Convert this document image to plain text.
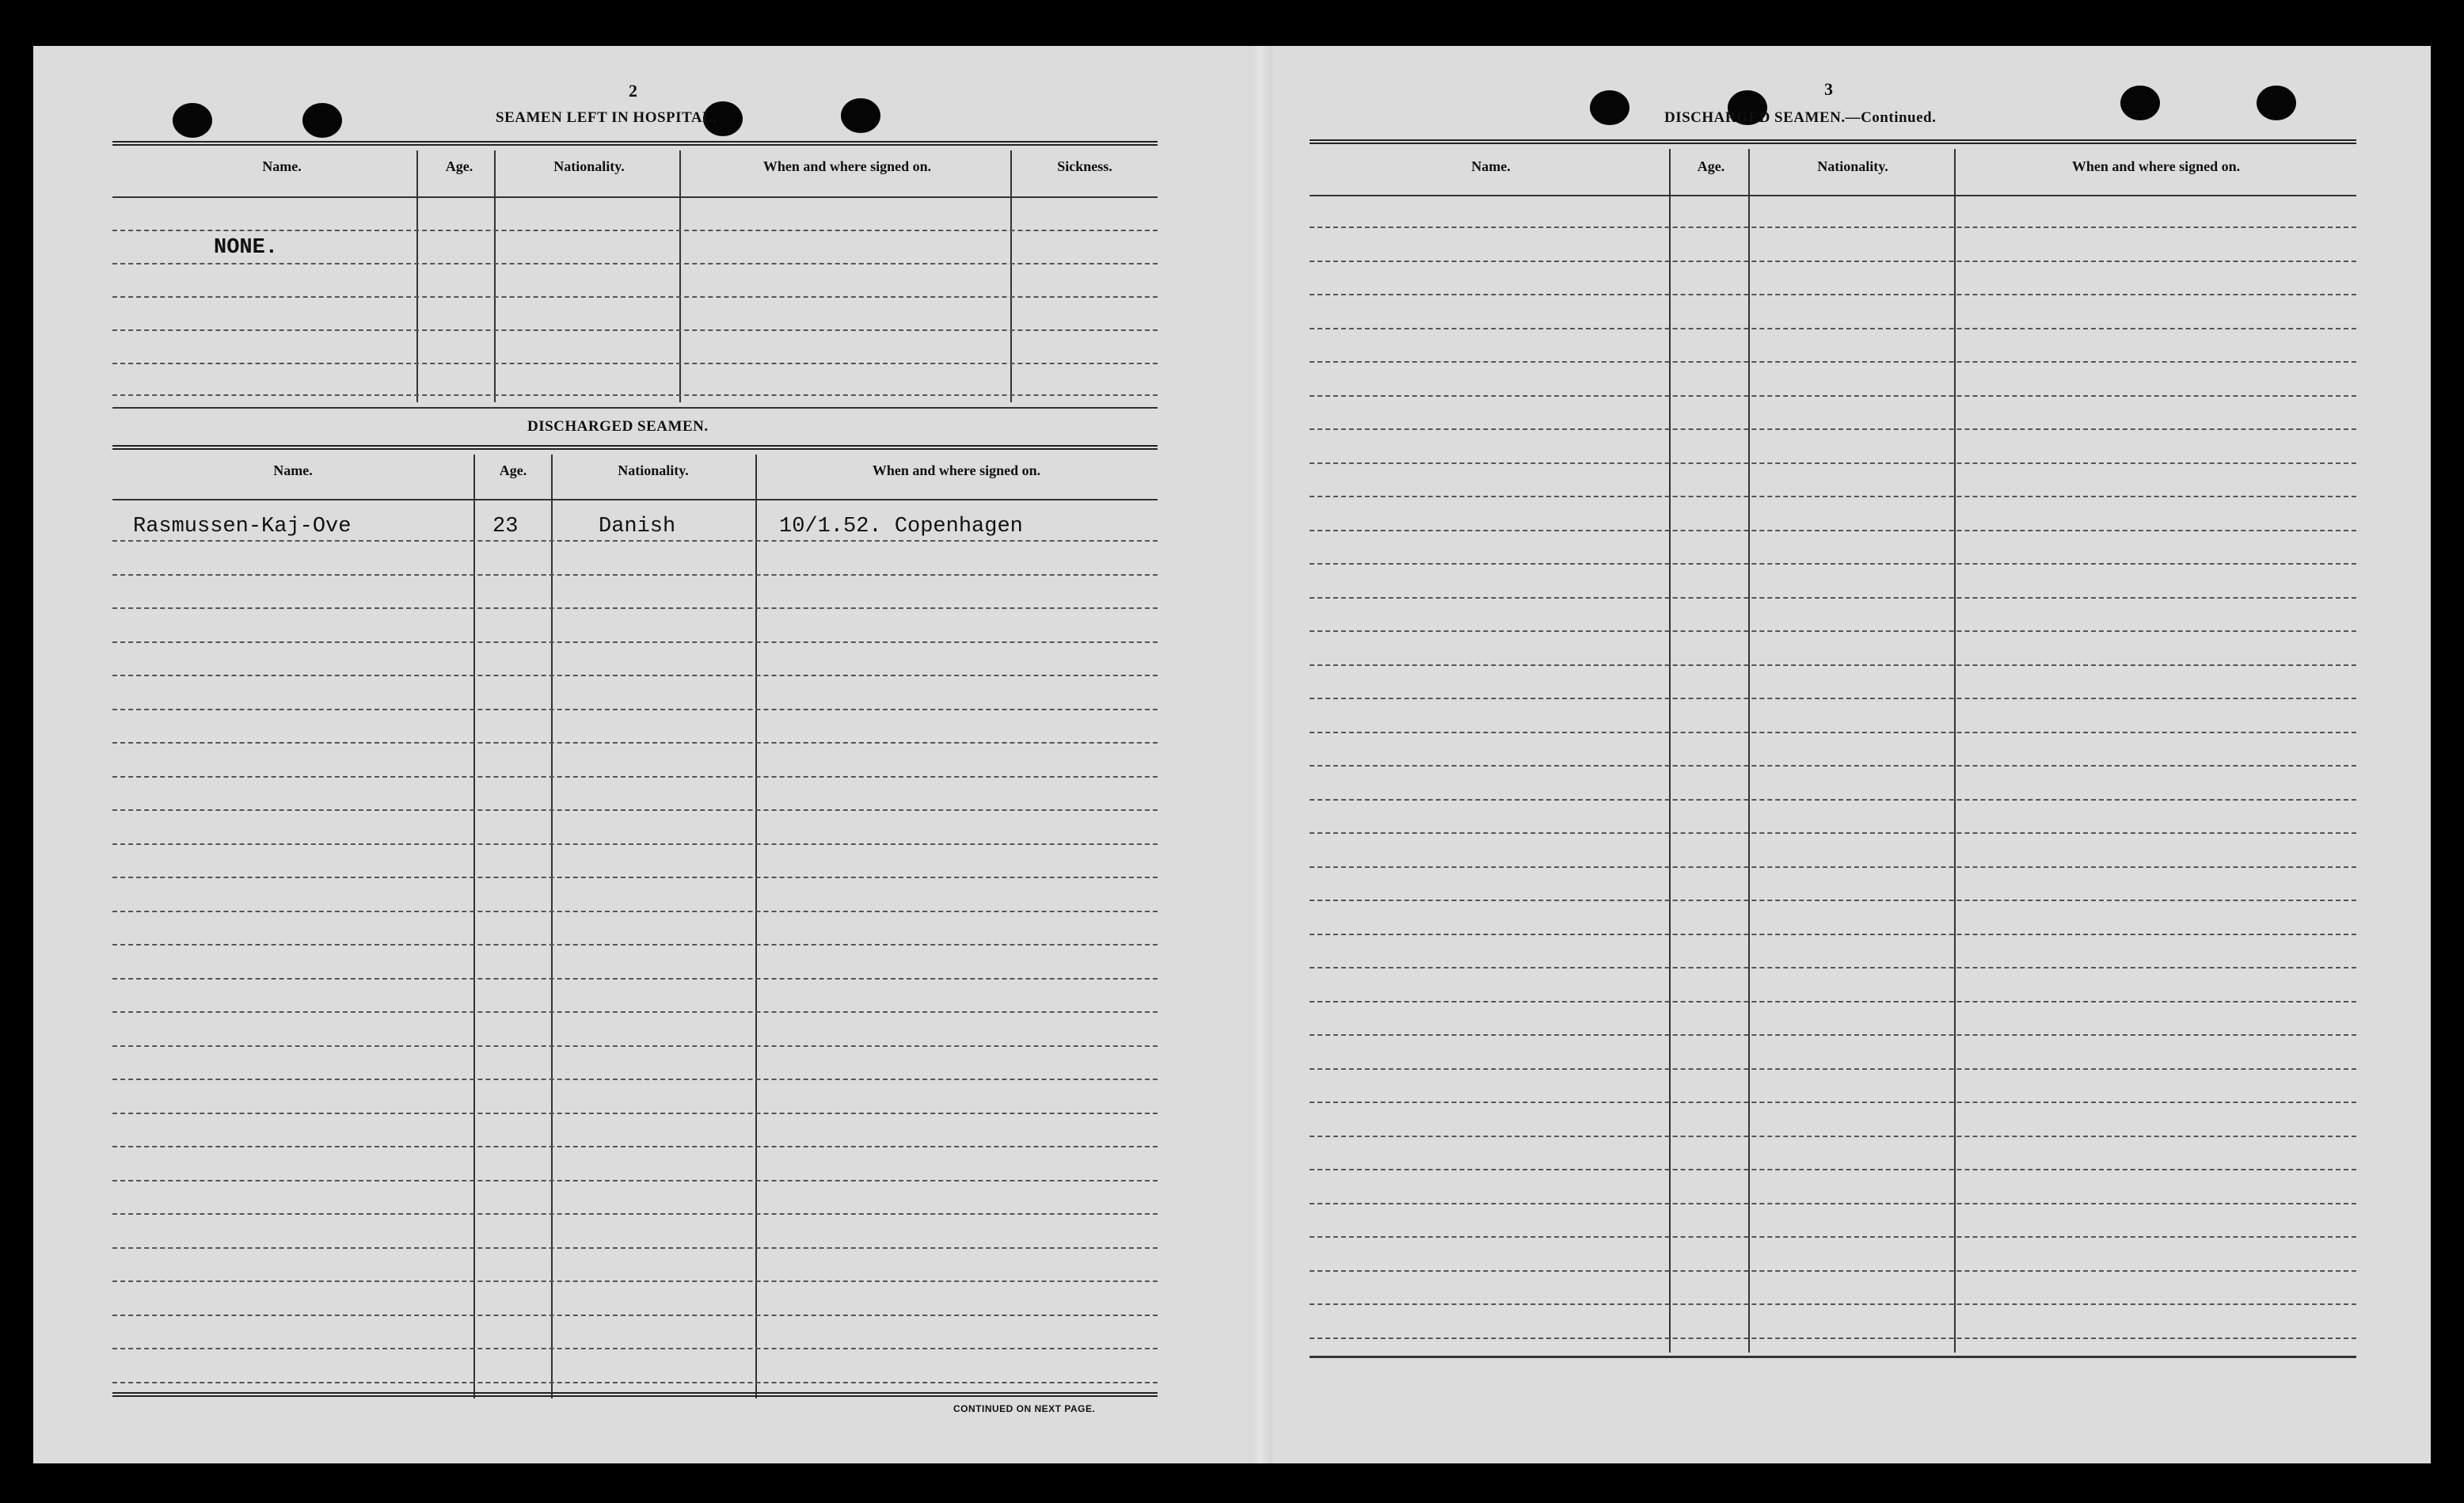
2
SEAMEN LEFT IN HOSPITAL.
Name.	Age.	Nationality.	When and where signed on.	Sickness.
NONE.
DISCHARGED SEAMEN.
Name.	Age.	Nationality.	When and where signed on.
Rasmussen-Kaj-Ove	23	Danish	10/1.52. Copenhagen
CONTINUED ON NEXT PAGE.
3
DISCHARGED SEAMEN.—Continued.
Name.	Age.	Nationality.	When and where signed on.
